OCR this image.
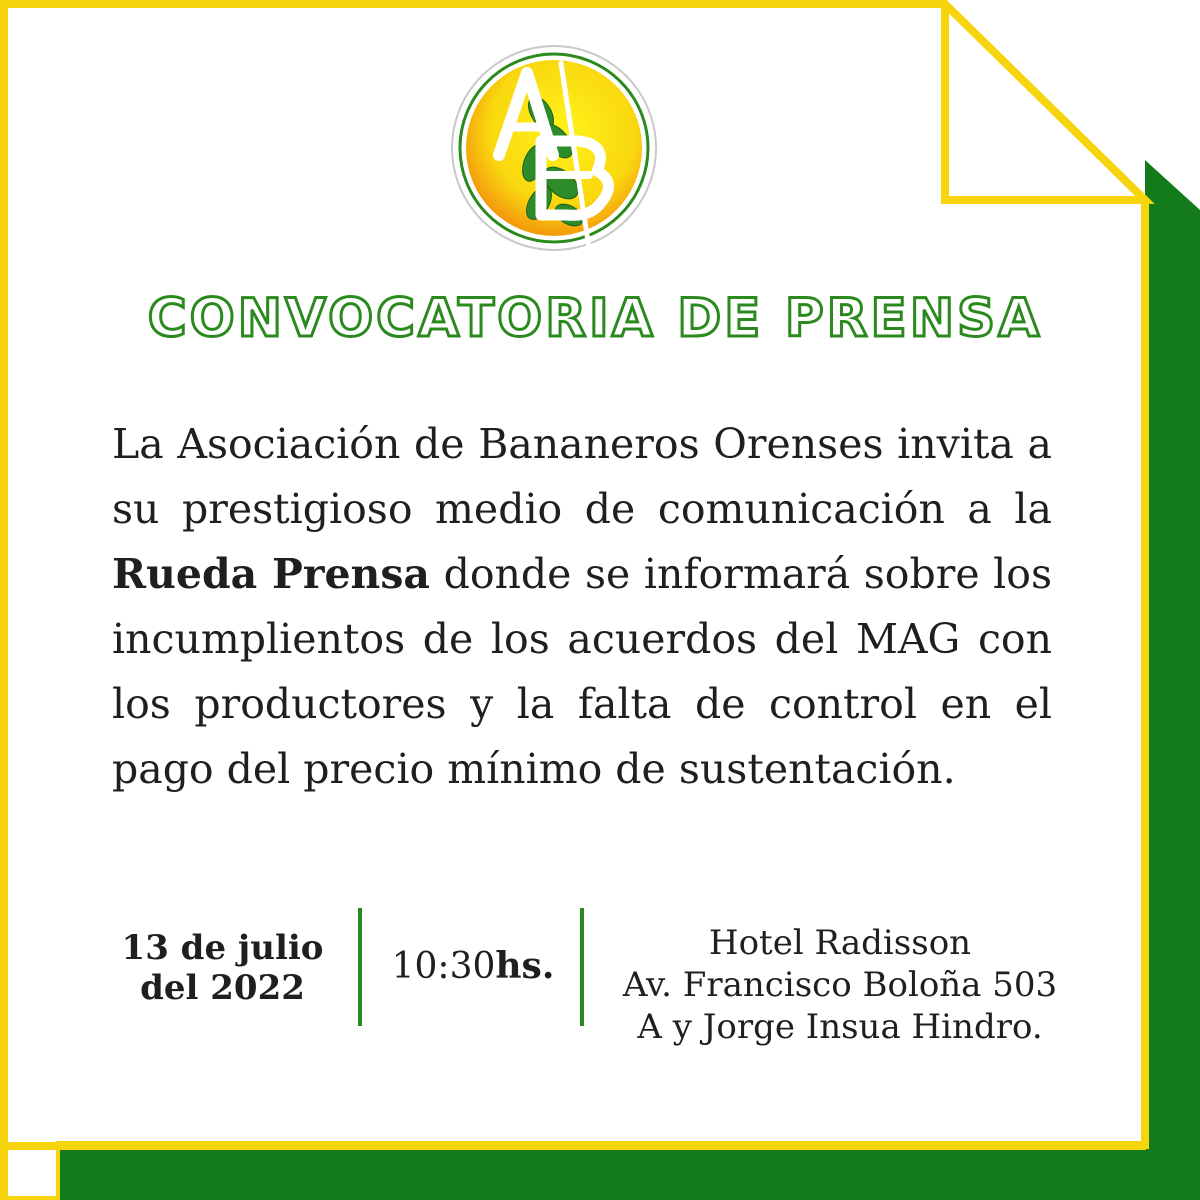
CONVOCATORIA DE PRENSA

La Asociación de Bananeros Orenses invita a su prestigioso medio de comunicación a la Rueda Prensa donde se informará sobre los incumplientos de los acuerdos del MAG con los productores y la falta de control en el pago del precio mínimo de sustentación.

13 de julio
del 2022
10:30hs.
Hotel Radisson
Av. Francisco Boloña 503
A y Jorge Insua Hindro.
